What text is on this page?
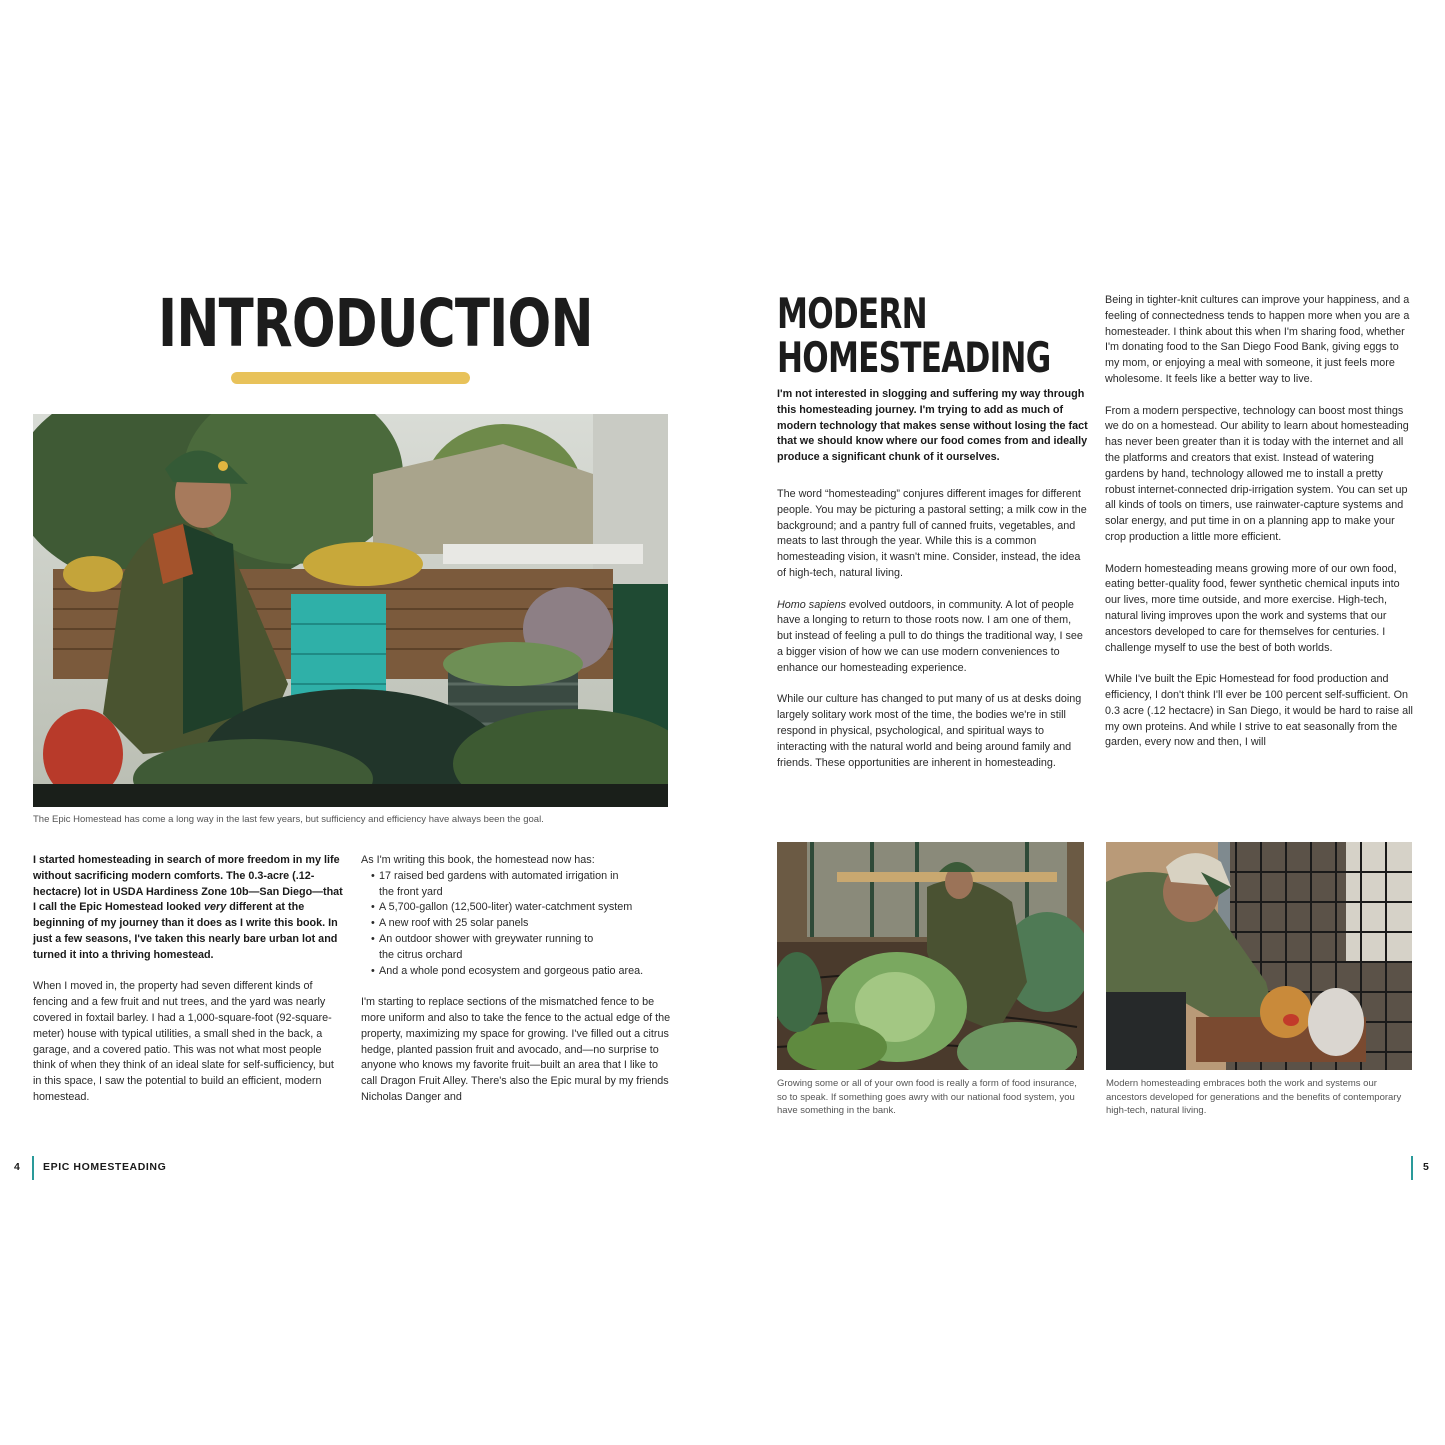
INTRODUCTION
The Epic Homestead has come a long way in the last few years, but sufficiency and efficiency have always been the goal.

I started homesteading in search of more freedom in my life without sacrificing modern comforts. The 0.3-acre (.12-hectacre) lot in USDA Hardiness Zone 10b—San Diego—that I call the Epic Homestead looked very different at the beginning of my journey than it does as I write this book. In just a few seasons, I've taken this nearly bare urban lot and turned it into a thriving homestead.

When I moved in, the property had seven different kinds of fencing and a few fruit and nut trees, and the yard was nearly covered in foxtail barley. I had a 1,000-square-foot (92-square-meter) house with typical utilities, a small shed in the back, a garage, and a covered patio. This was not what most people think of when they think of an ideal slate for self-sufficiency, but in this space, I saw the potential to build an efficient, modern homestead.

As I'm writing this book, the homestead now has:
• 17 raised bed gardens with automated irrigation in the front yard
• A 5,700-gallon (12,500-liter) water-catchment system
• A new roof with 25 solar panels
• An outdoor shower with greywater running to the citrus orchard
• And a whole pond ecosystem and gorgeous patio area.

I'm starting to replace sections of the mismatched fence to be more uniform and also to take the fence to the actual edge of the property, maximizing my space for growing. I've filled out a citrus hedge, planted passion fruit and avocado, and—no surprise to anyone who knows my favorite fruit—built an area that I like to call Dragon Fruit Alley. There's also the Epic mural by my friends Nicholas Danger and

4 EPIC HOMESTEADING
MODERN
HOMESTEADING

I'm not interested in slogging and suffering my way through this homesteading journey. I'm trying to add as much of modern technology that makes sense without losing the fact that we should know where our food comes from and ideally produce a significant chunk of it ourselves.

The word “homesteading” conjures different images for different people. You may be picturing a pastoral setting; a milk cow in the background; and a pantry full of canned fruits, vegetables, and meats to last through the year. While this is a common homesteading vision, it wasn't mine. Consider, instead, the idea of high-tech, natural living.

Homo sapiens evolved outdoors, in community. A lot of people have a longing to return to those roots now. I am one of them, but instead of feeling a pull to do things the traditional way, I see a bigger vision of how we can use modern conveniences to enhance our homesteading experience.

While our culture has changed to put many of us at desks doing largely solitary work most of the time, the bodies we're in still respond in physical, psychological, and spiritual ways to interacting with the natural world and being around family and friends. These opportunities are inherent in homesteading.

Being in tighter-knit cultures can improve your happiness, and a feeling of connectedness tends to happen more when you are a homesteader. I think about this when I'm sharing food, whether I'm donating food to the San Diego Food Bank, giving eggs to my mom, or enjoying a meal with someone, it just feels more wholesome. It feels like a better way to live.

From a modern perspective, technology can boost most things we do on a homestead. Our ability to learn about homesteading has never been greater than it is today with the internet and all the platforms and creators that exist. Instead of watering gardens by hand, technology allowed me to install a pretty robust internet-connected drip-irrigation system. You can set up all kinds of tools on timers, use rainwater-capture systems and solar energy, and put time in on a planning app to make your crop production a little more efficient.

Modern homesteading means growing more of our own food, eating better-quality food, fewer synthetic chemical inputs into our lives, more time outside, and more exercise. High-tech, natural living improves upon the work and systems that our ancestors developed to care for themselves for centuries. I challenge myself to use the best of both worlds.

While I've built the Epic Homestead for food production and efficiency, I don't think I'll ever be 100 percent self-sufficient. On 0.3 acre (.12 hectacre) in San Diego, it would be hard to raise all my own proteins. And while I strive to eat seasonally from the garden, every now and then, I will

Growing some or all of your own food is really a form of food insurance, so to speak. If something goes awry with our national food system, you have something in the bank.
Modern homesteading embraces both the work and systems our ancestors developed for generations and the benefits of contemporary high-tech, natural living.
5
